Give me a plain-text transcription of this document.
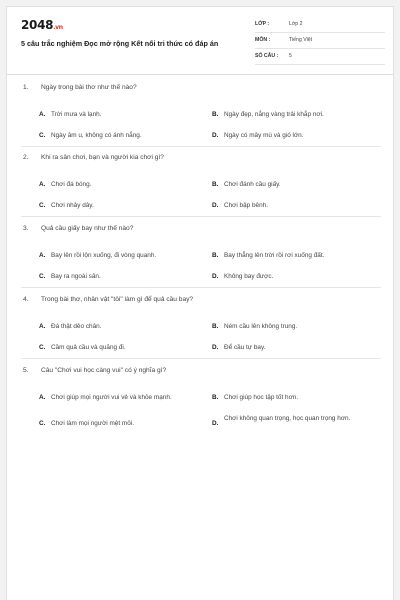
2048.vn
5 câu trắc nghiệm Đọc mở rộng Kết nối tri thức có đáp án
LỚP :	Lớp 2
MÔN :	Tiếng Việt
SỐ CÂU : 5
1. Ngày trong bài thơ như thế nào?
A. Trời mưa và lạnh.	B. Ngày đẹp, nắng vàng trải khắp nơi.
C. Ngày âm u, không có ánh nắng.	D. Ngày có mây mù và gió lớn.
2. Khi ra sân chơi, bạn và người kia chơi gì?
A. Chơi đá bóng.	B. Chơi đánh cầu giấy.
C. Chơi nhảy dây.	D. Chơi bập bênh.
3. Quả cầu giấy bay như thế nào?
A. Bay lên rồi lộn xuống, đi vòng quanh.	B. Bay thẳng lên trời rồi rơi xuống đất.
C. Bay ra ngoài sân.	D. Không bay được.
4. Trong bài thơ, nhân vật "tôi" làm gì để quả cầu bay?
A. Đá thật dẻo chân.	B. Ném cầu lên không trung.
C. Cầm quả cầu và quăng đi.	D. Để cầu tự bay.
5. Câu "Chơi vui học càng vui" có ý nghĩa gì?
A. Chơi giúp mọi người vui vẻ và khỏe mạnh.	B. Chơi giúp học tập tốt hơn.
C. Chơi làm mọi người mệt mỏi.	D.
Chơi không quan trọng, học quan trọng hơn.
